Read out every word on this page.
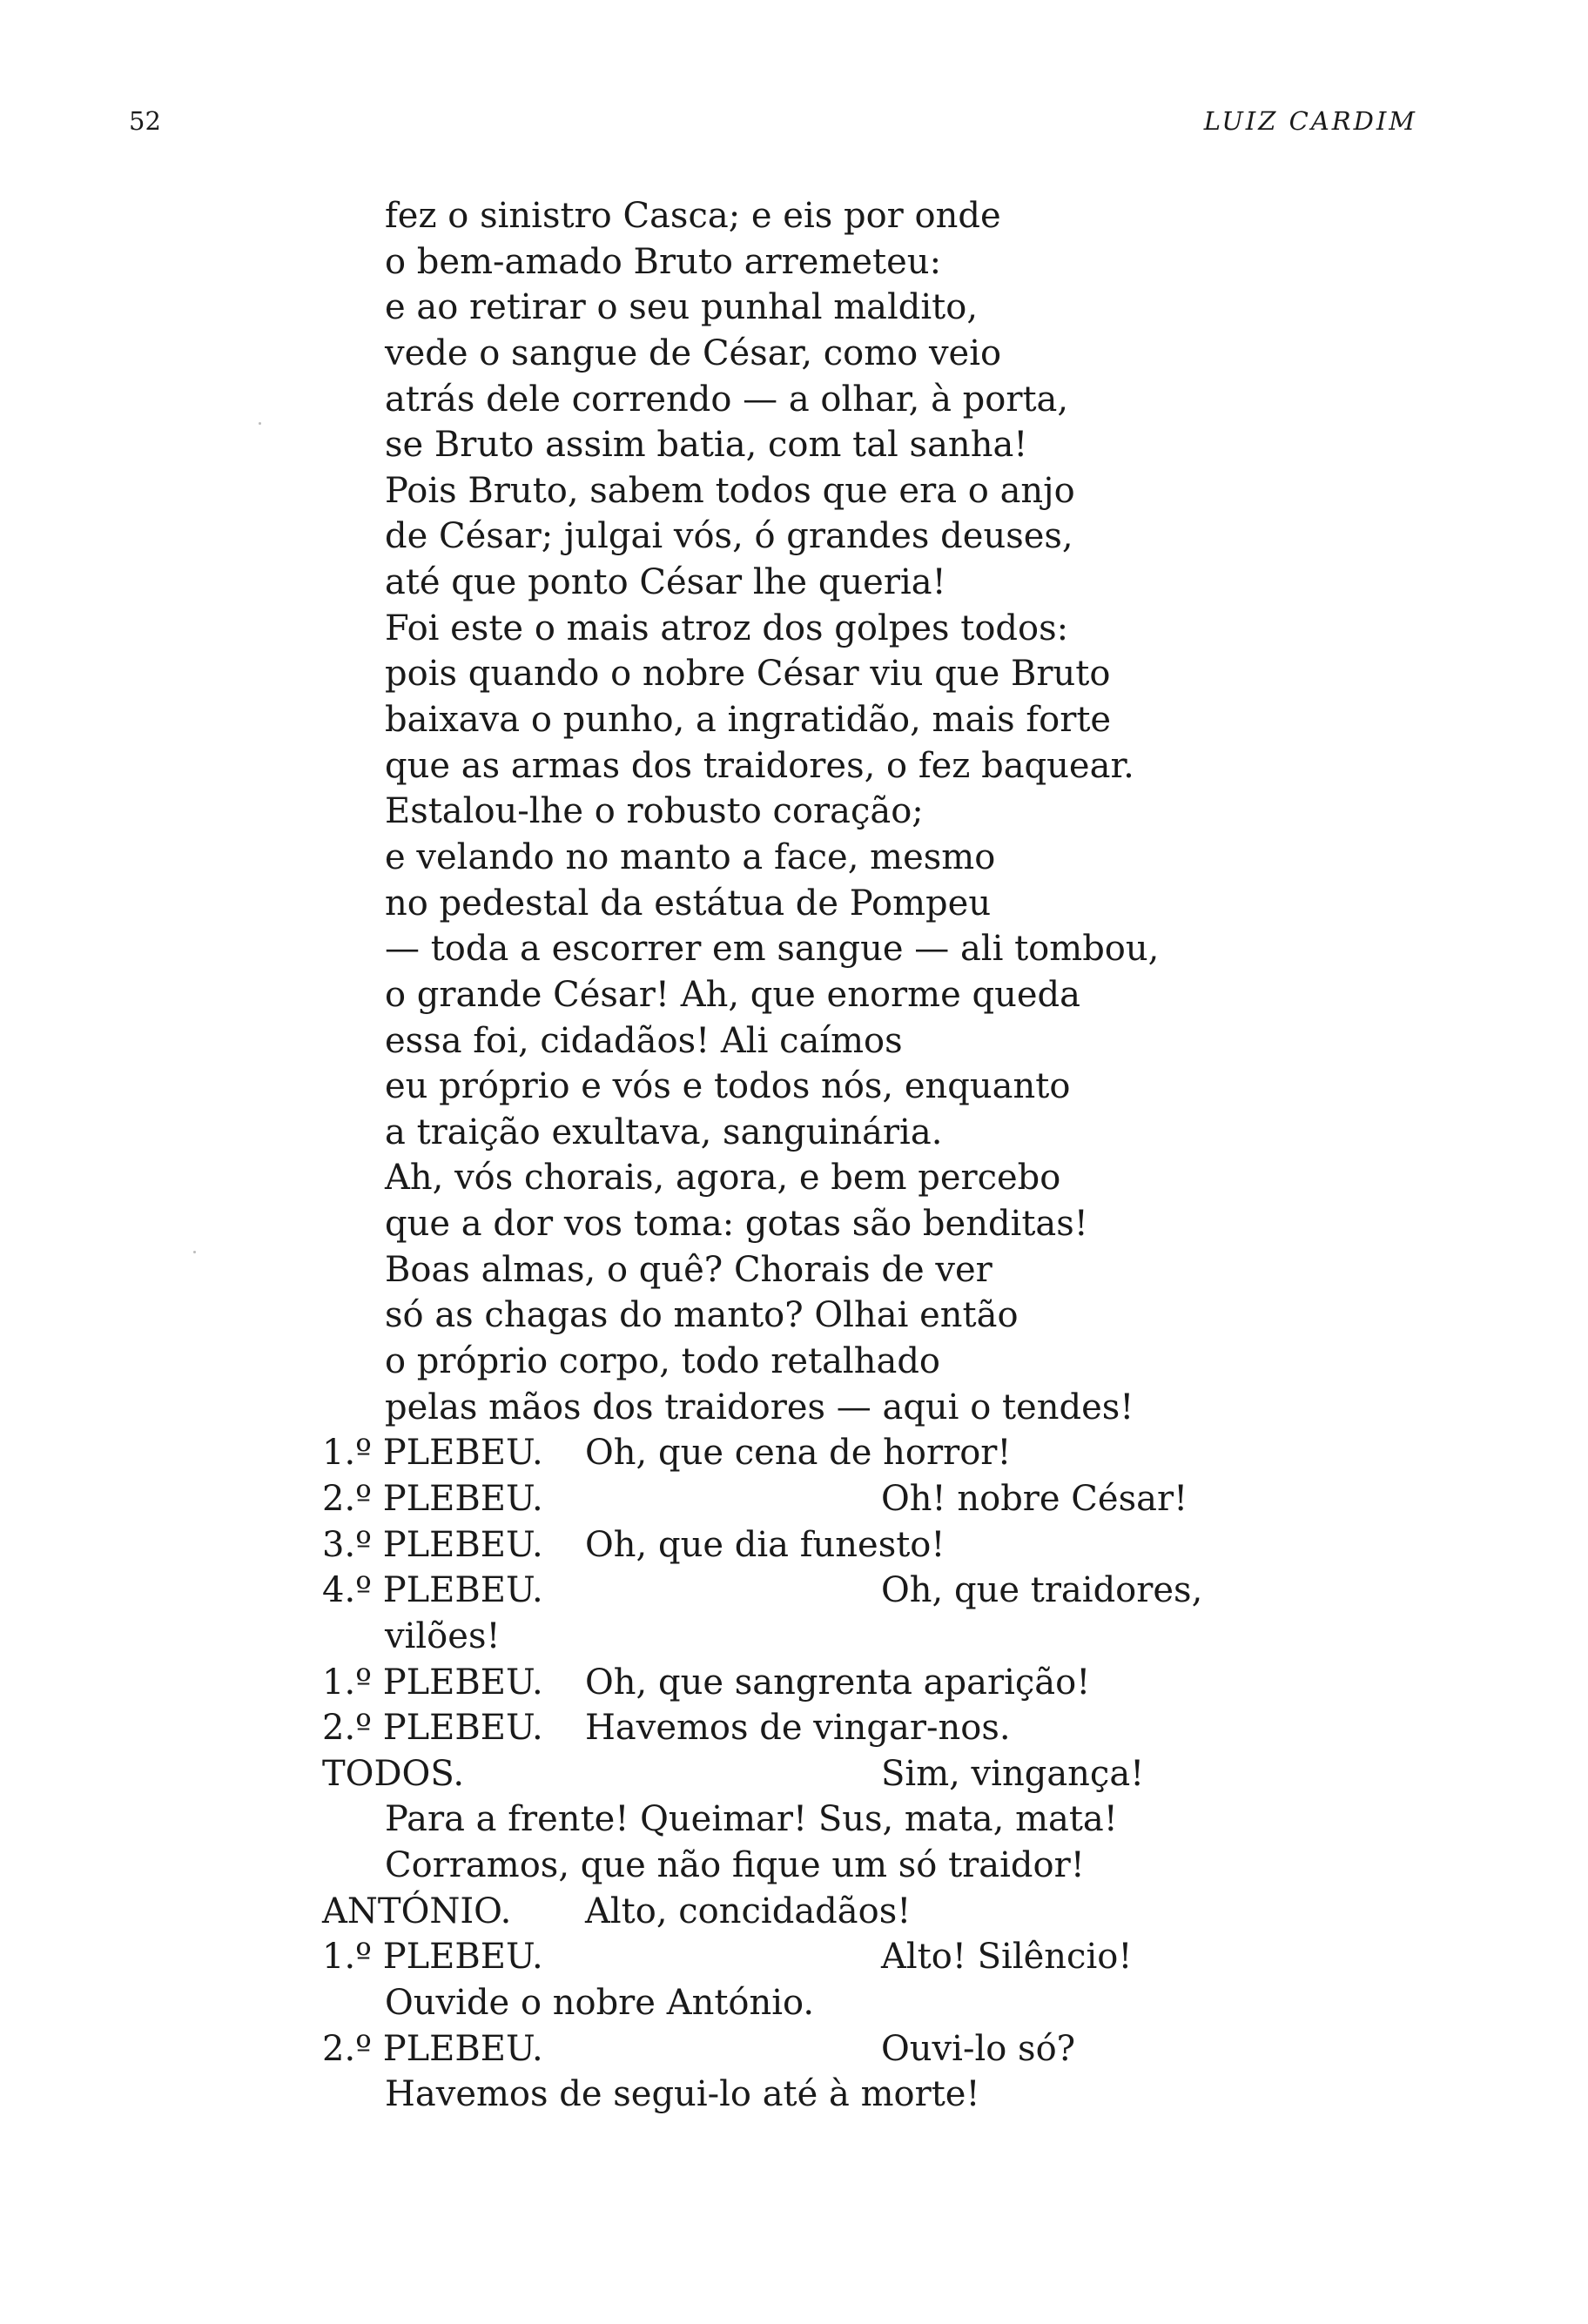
52	LUIZ CARDIM
fez o sinistro Casca; e eis por onde
o bem-amado Bruto arremeteu:
e ao retirar o seu punhal maldito,
vede o sangue de César, como veio
atrás dele correndo — a olhar, à porta,
se Bruto assim batia, com tal sanha!
Pois Bruto, sabem todos que era o anjo
de César; julgai vós, ó grandes deuses,
até que ponto César lhe queria!
Foi este o mais atroz dos golpes todos:
pois quando o nobre César viu que Bruto
baixava o punho, a ingratidão, mais forte
que as armas dos traidores, o fez baquear.
Estalou-lhe o robusto coração;
e velando no manto a face, mesmo
no pedestal da estátua de Pompeu
— toda a escorrer em sangue — ali tombou,
o grande César! Ah, que enorme queda
essa foi, cidadãos! Ali caímos
eu próprio e vós e todos nós, enquanto
a traição exultava, sanguinária.
Ah, vós chorais, agora, e bem percebo
que a dor vos toma: gotas são benditas!
Boas almas, o quê? Chorais de ver
só as chagas do manto? Olhai então
o próprio corpo, todo retalhado
pelas mãos dos traidores — aqui o tendes!
1.º PLEBEU. Oh, que cena de horror!
2.º PLEBEU.	Oh! nobre César!
3.º PLEBEU. Oh, que dia funesto!
4.º PLEBEU.	Oh, que traidores,
vilões!
1.º PLEBEU. Oh, que sangrenta aparição!
2.º PLEBEU. Havemos de vingar-nos.
TODOS.	Sim, vingança!
Para a frente! Queimar! Sus, mata, mata!
Corramos, que não fique um só traidor!
ANTÓNIO. Alto, concidadãos!
1.º PLEBEU.	Alto! Silêncio!
Ouvide o nobre António.
2.º PLEBEU.	Ouvi-lo só?
Havemos de segui-lo até à morte!
